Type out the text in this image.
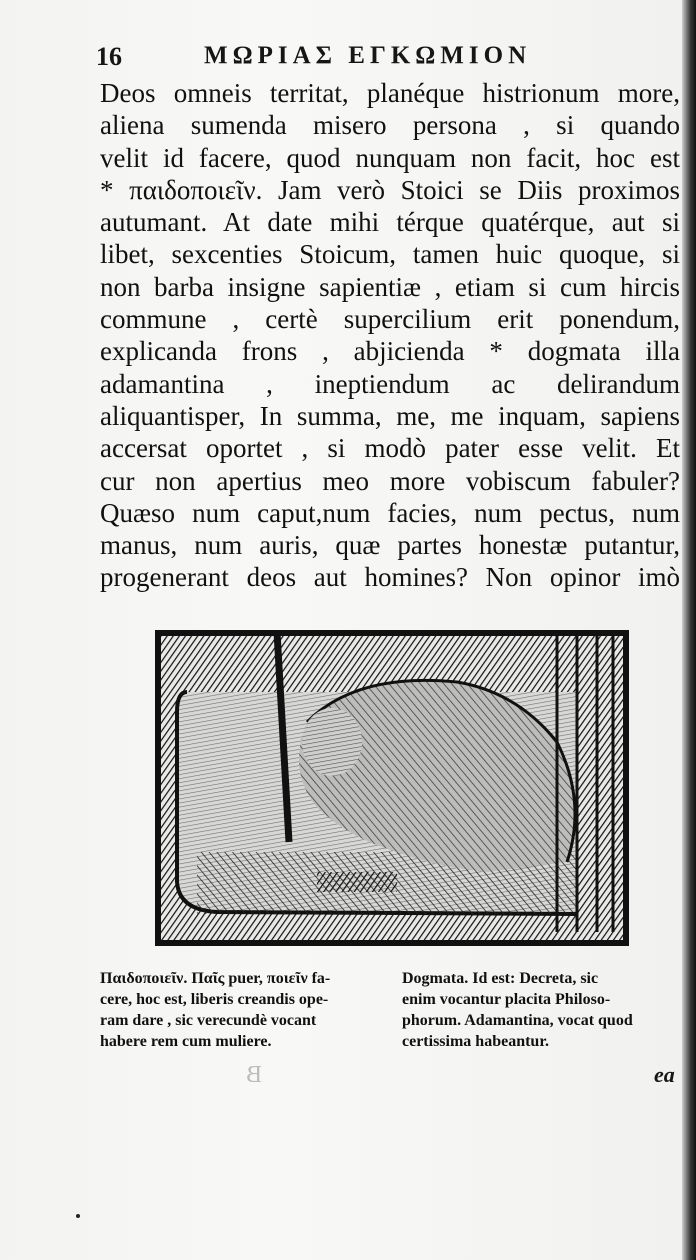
16	ΜΩΡΙΑΣ ΕΓΚΩΜΙΟΝ
Deos omneis territat, planéque histrionum more,
aliena sumenda misero persona , si quando
velit id facere, quod nunquam non facit, hoc est
* παιδοποιεῖν. Jam verò Stoici se Diis proximos
autumant. At date mihi térque quatérque, aut si
libet, sexcenties Stoicum, tamen huic quoque, si
non barba insigne sapientiæ , etiam si cum hircis
commune , certè supercilium erit ponendum,
explicanda frons , abjicienda * dogmata illa
adamantina , ineptiendum ac delirandum
aliquantisper, In summa, me, me inquam, sapiens
accersat oportet , si modò pater esse velit. Et
cur non apertius meo more vobiscum fabuler?
Quæso num caput,num facies, num pectus, num
manus, num auris, quæ partes honestæ putantur,
progenerant deos aut homines? Non opinor imò
Παιδοποιεῖν. Παῖς puer, ποιεῖν fa-
cere, hoc est, liberis creandis ope-
ram dare , sic verecundè vocant
habere rem cum muliere.
Dogmata. Id est: Decreta, sic
enim vocantur placita Philoso-
phorum. Adamantina, vocat quod
certissima habeantur.
ea
B
